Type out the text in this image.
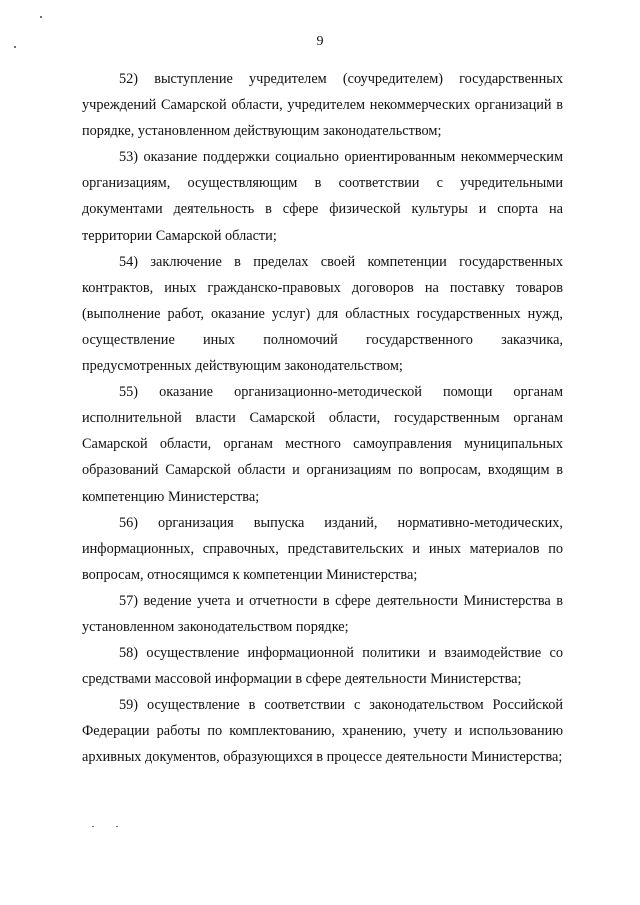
9

52) выступление учредителем (соучредителем) государственных учреждений Самарской области, учредителем некоммерческих организаций в порядке, установленном действующим законодательством;

53) оказание поддержки социально ориентированным некоммерческим организациям, осуществляющим в соответствии с учредительными документами деятельность в сфере физической культуры и спорта на территории Самарской области;

54) заключение в пределах своей компетенции государственных контрактов, иных гражданско-правовых договоров на поставку товаров (выполнение работ, оказание услуг) для областных государственных нужд, осуществление иных полномочий государственного заказчика, предусмотренных действующим законодательством;

55) оказание организационно-методической помощи органам исполнительной власти Самарской области, государственным органам Самарской области, органам местного самоуправления муниципальных образований Самарской области и организациям по вопросам, входящим в компетенцию Министерства;

56) организация выпуска изданий, нормативно-методических, информационных, справочных, представительских и иных материалов по вопросам, относящимся к компетенции Министерства;

57) ведение учета и отчетности в сфере деятельности Министерства в установленном законодательством порядке;

58) осуществление информационной политики и взаимодействие со средствами массовой информации в сфере деятельности Министерства;

59) осуществление в соответствии с законодательством Российской Федерации работы по комплектованию, хранению, учету и использованию архивных документов, образующихся в процессе деятельности Министерства;
